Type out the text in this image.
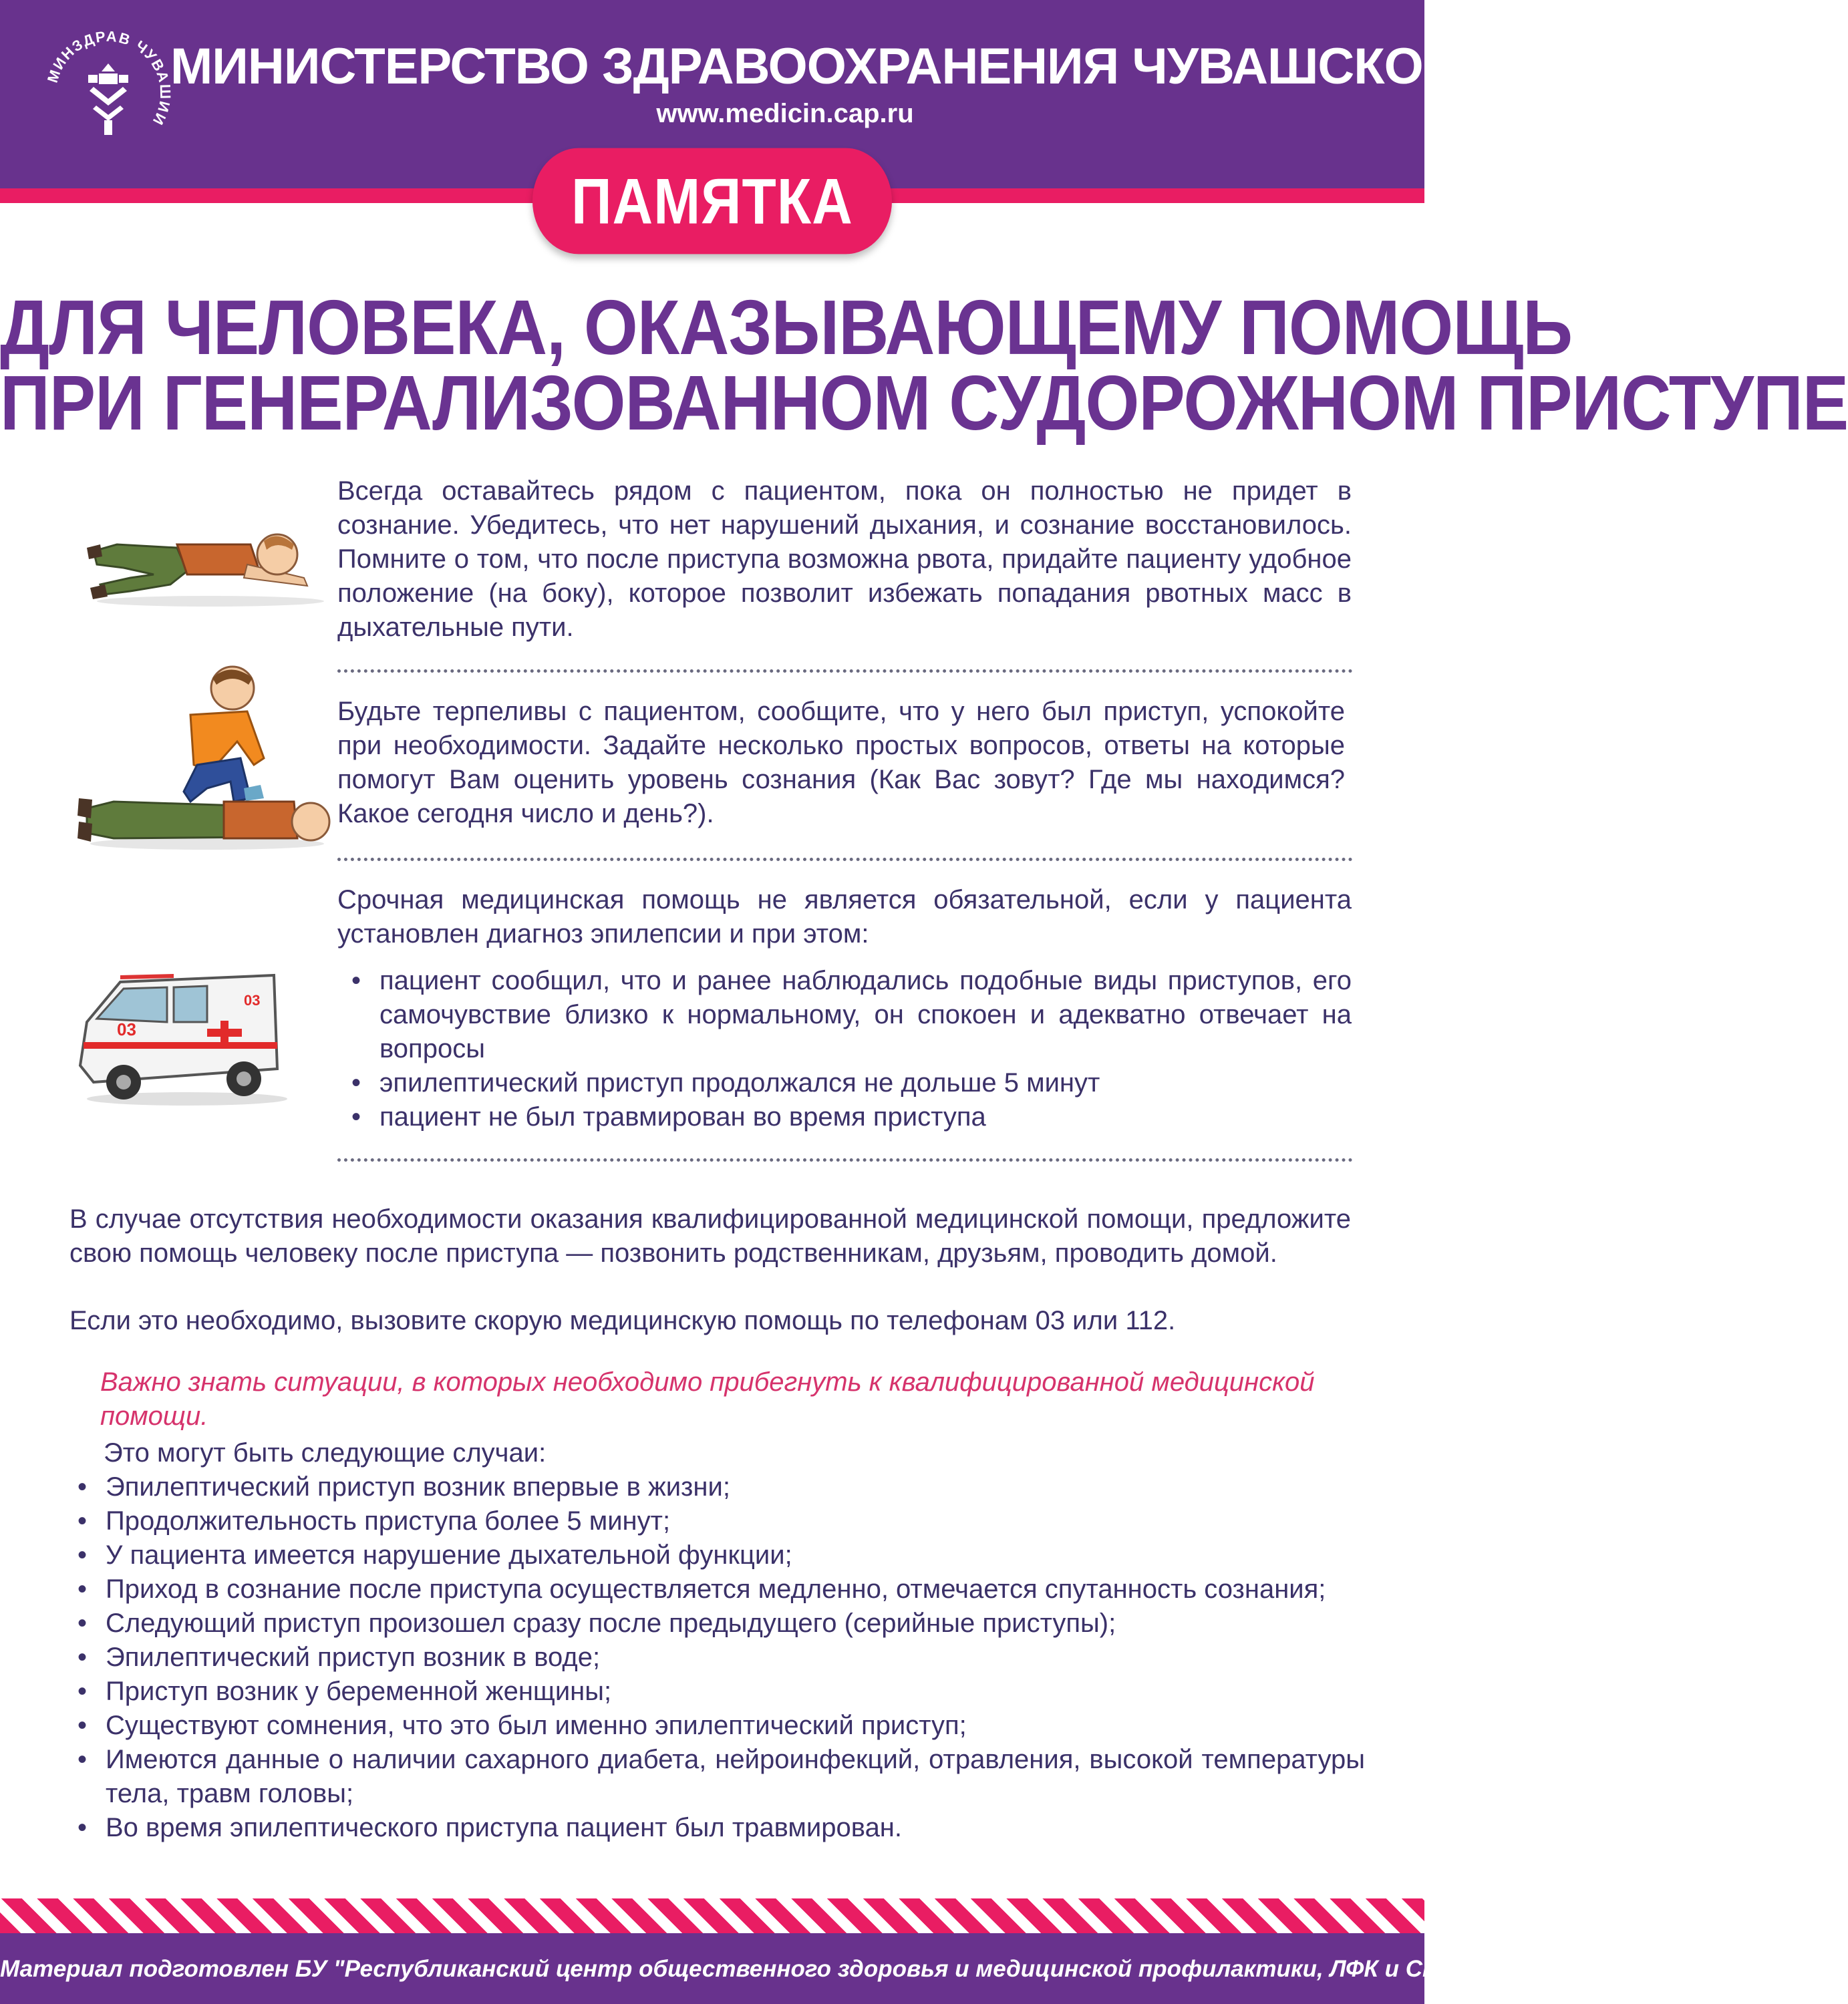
МИНЗДРАВ ЧУВАШИИ
МИНИСТЕРСТВО ЗДРАВООХРАНЕНИЯ ЧУВАШСКОЙ РЕСПУБЛИКИ
www.medicin.cap.ru
ПАМЯТКА
ДЛЯ ЧЕЛОВЕКА, ОКАЗЫВАЮЩЕМУ ПОМОЩЬ
ПРИ ГЕНЕРАЛИЗОВАННОМ СУДОРОЖНОМ ПРИСТУПЕ
03
03

Всегда оставайтесь рядом с пациентом, пока он полностью не придет в сознание. Убедитесь, что нет нарушений дыхания, и сознание восстановилось. Помните о том, что после приступа возможна рвота, придайте пациенту удобное положение (на боку), которое позволит избежать попадания рвотных масс в дыхательные пути.

Будьте терпеливы с пациентом, сообщите, что у него был приступ, успокойте при необходимости. Задайте несколько простых вопросов, ответы на которые помогут Вам оценить уровень сознания (Как Вас зовут? Где мы находимся? Какое сегодня число и день?).

Срочная медицинская помощь не является обязательной, если у пациента установлен диагноз эпилепсии и при этом:

• пациент сообщил, что и ранее наблюдались подобные виды приступов, его самочувствие близко к нормальному, он спокоен и адекватно отвечает на вопросы
• эпилептический приступ продолжался не дольше 5 минут
• пациент не был травмирован во время приступа

В случае отсутствия необходимости оказания квалифицированной медицинской помощи, предложите свою помощь человеку после приступа — позвонить родственникам, друзьям, проводить домой.

Если это необходимо, вызовите скорую медицинскую помощь по телефонам 03 или 112.

Важно знать ситуации, в которых необходимо прибегнуть к квалифицированной медицинской помощи.

Это могут быть следующие случаи:

• Эпилептический приступ возник впервые в жизни;
• Продолжительность приступа более 5 минут;
• У пациента имеется нарушение дыхательной функции;
• Приход в сознание после приступа осуществляется медленно, отмечается спутанность сознания;
• Следующий приступ произошел сразу после предыдущего (серийные приступы);
• Эпилептический приступ возник в воде;
• Приступ возник у беременной женщины;
• Существуют сомнения, что это был именно эпилептический приступ;
• Имеются данные о наличии сахарного диабета, нейроинфекций, отравления, высокой температуры тела, травм головы;
• Во время эпилептического приступа пациент был травмирован.
Материал подготовлен БУ "Республиканский центр общественного здоровья и медицинской профилактики, ЛФК и СМ"
